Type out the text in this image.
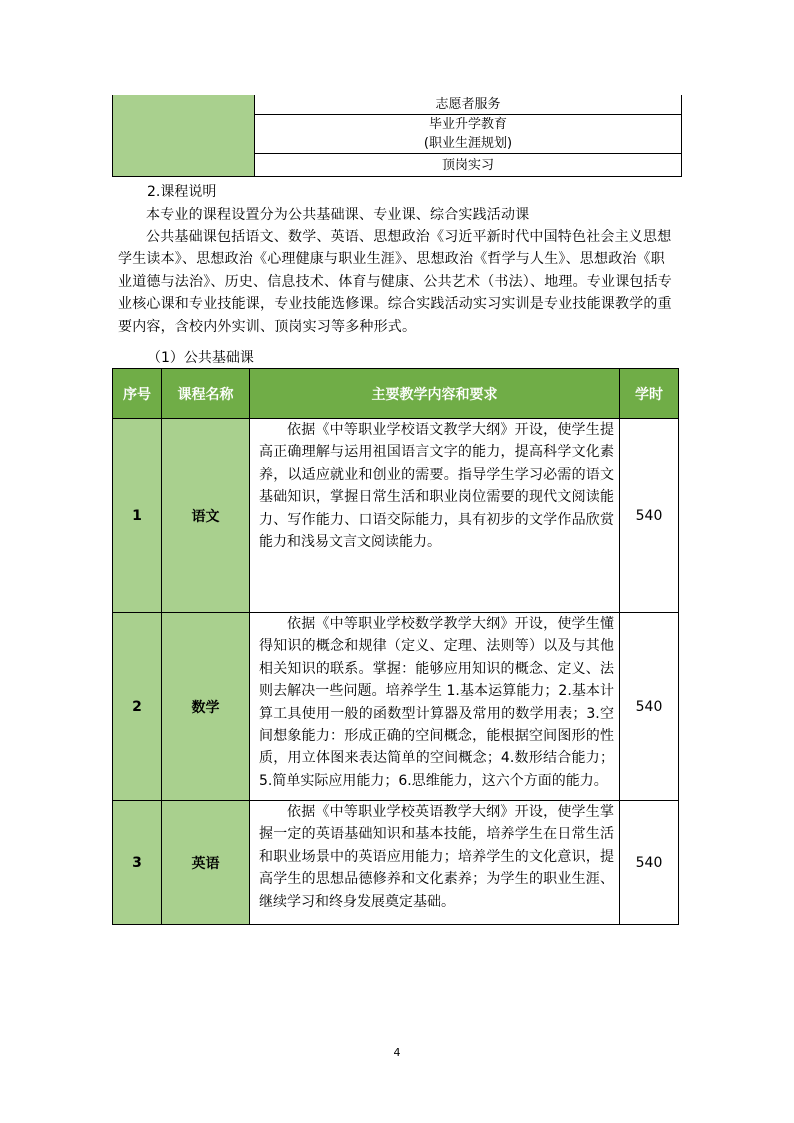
	志愿者服务
毕业升学教育
(职业生涯规划)
顶岗实习

2.课程说明

本专业的课程设置分为公共基础课、专业课、综合实践活动课

公共基础课包括语文、数学、英语、思想政治《习近平新时代中国特色社会主义思想学生读本》、思想政治《心理健康与职业生涯》、思想政治《哲学与人生》、思想政治《职业道德与法治》、历史、信息技术、体育与健康、公共艺术（书法）、地理。专业课包括专业核心课和专业技能课，专业技能选修课。综合实践活动实习实训是专业技能课教学的重要内容，含校内外实训、顶岗实习等多种形式。

（1）公共基础课

序号	课程名称	主要教学内容和要求	学时
1	语文	依据《中等职业学校语文教学大纲》开设，使学生提高正确理解与运用祖国语言文字的能力，提高科学文化素养，以适应就业和创业的需要。指导学生学习必需的语文基础知识，掌握日常生活和职业岗位需要的现代文阅读能力、写作能力、口语交际能力，具有初步的文学作品欣赏能力和浅易文言文阅读能力。	540
2	数学	依据《中等职业学校数学教学大纲》开设，使学生懂得知识的概念和规律（定义、定理、法则等）以及与其他相关知识的联系。掌握：能够应用知识的概念、定义、法则去解决一些问题。培养学生 1.基本运算能力；2.基本计算工具使用一般的函数型计算器及常用的数学用表；3.空间想象能力：形成正确的空间概念，能根据空间图形的性质，用立体图来表达简单的空间概念；4.数形结合能力；5.简单实际应用能力；6.思维能力，这六个方面的能力。	540
3	英语	依据《中等职业学校英语教学大纲》开设，使学生掌握一定的英语基础知识和基本技能，培养学生在日常生活和职业场景中的英语应用能力；培养学生的文化意识，提高学生的思想品德修养和文化素养；为学生的职业生涯、继续学习和终身发展奠定基础。	540
4
